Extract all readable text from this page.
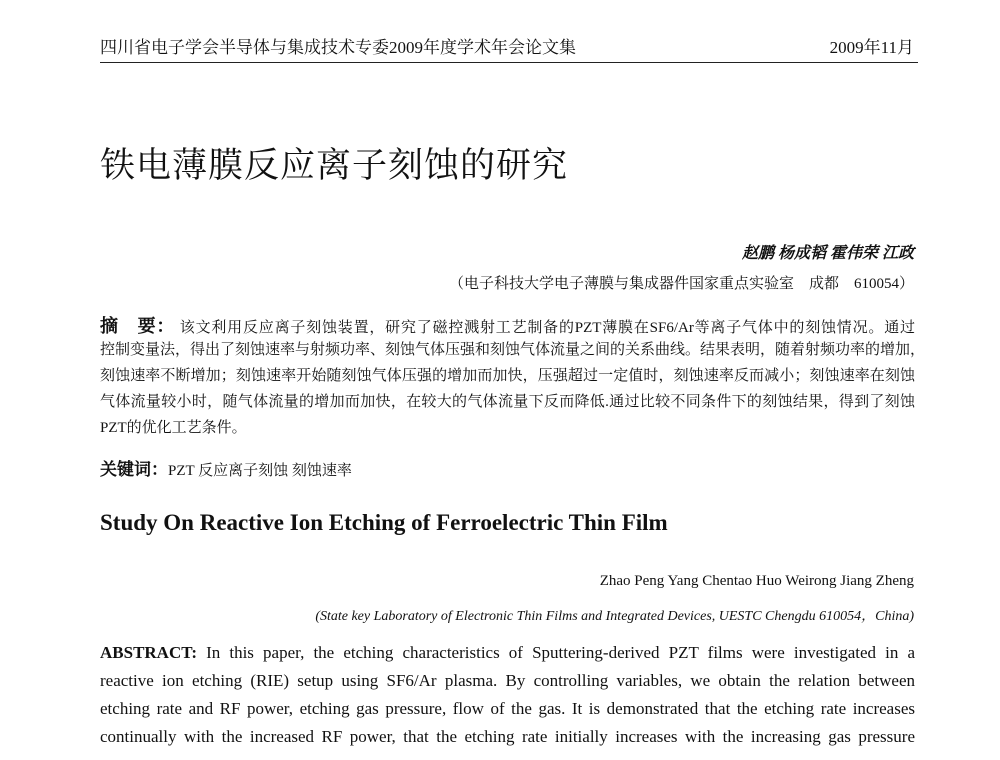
四川省电子学会半导体与集成技术专委2009年度学术年会论文集	2009年11月
铁电薄膜反应离子刻蚀的研究
赵鹏 杨成韬 霍伟荣 江政
（电子科技大学电子薄膜与集成器件国家重点实验室　成都　610054）
摘　要： 该文利用反应离子刻蚀装置，研究了磁控溅射工艺制备的PZT薄膜在SF6/Ar等离子气体中的刻蚀情况。通过
控制变量法，得出了刻蚀速率与射频功率、刻蚀气体压强和刻蚀气体流量之间的关系曲线。结果表明，随着射频功率的增加，
刻蚀速率不断增加；刻蚀速率开始随刻蚀气体压强的增加而加快，压强超过一定值时，刻蚀速率反而减小；刻蚀速率在刻蚀
气体流量较小时，随气体流量的增加而加快，在较大的气体流量下反而降低.通过比较不同条件下的刻蚀结果，得到了刻蚀
PZT的优化工艺条件。
关键词：PZT 反应离子刻蚀 刻蚀速率
Study On Reactive Ion Etching of Ferroelectric Thin Film
Zhao Peng Yang Chentao Huo Weirong Jiang Zheng
(State key Laboratory of Electronic Thin Films and Integrated Devices, UESTC Chengdu 610054，China)
ABSTRACT: In this paper, the etching characteristics of Sputtering-derived PZT films were investigated in a
reactive ion etching (RIE) setup using SF6/Ar plasma. By controlling variables, we obtain the relation between
etching rate and RF power, etching gas pressure, flow of the gas. It is demonstrated that the etching rate increases
continually with the increased RF power, that the etching rate initially increases with the increasing gas pressure
